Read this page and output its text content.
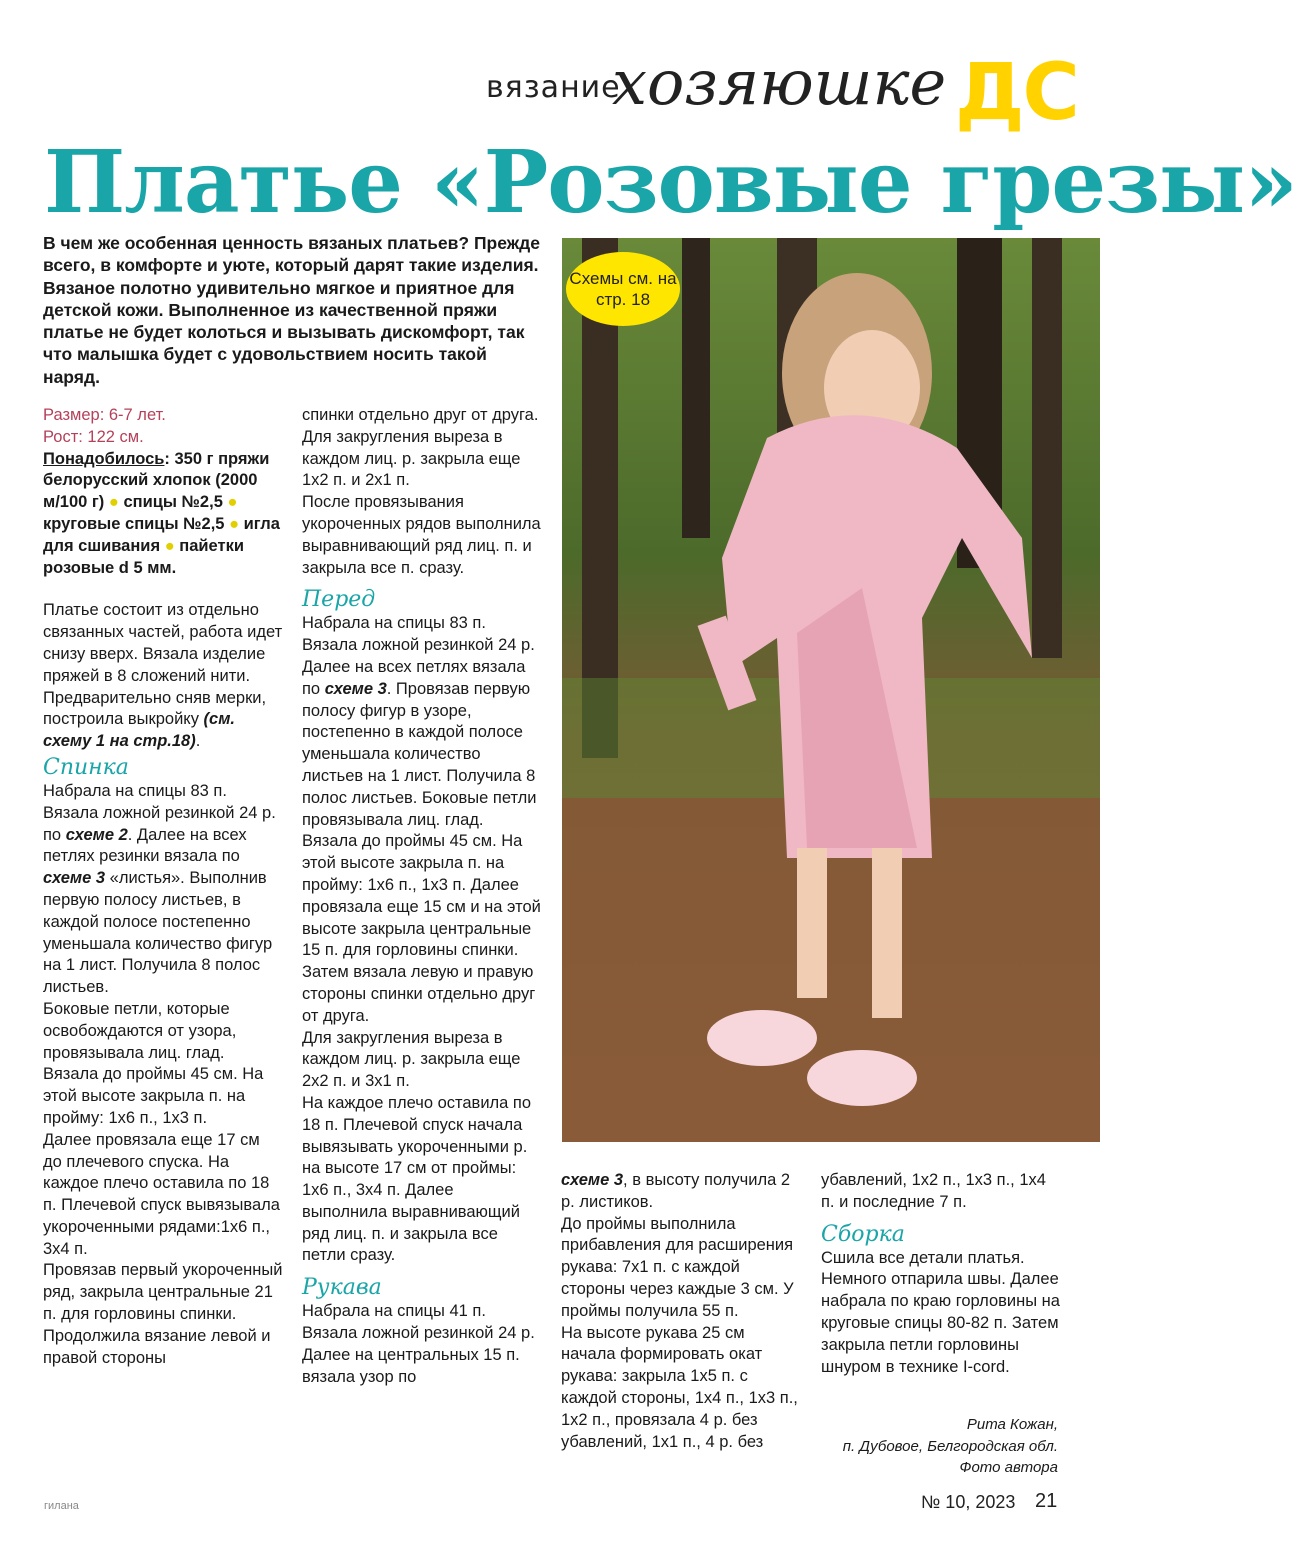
вязание
хозяюшке ДС
Платье «Розовые грезы»
В чем же особенная ценность вязаных платьев? Прежде всего, в комфорте и уюте, который дарят такие изделия. Вязаное полотно удивительно мягкое и приятное для детской кожи. Выполненное из качественной пряжи платье не будет колоться и вызывать дискомфорт, так что малышка будет с удовольствием носить такой наряд.
Схемы см. на стр. 18

Размер: 6-7 лет.

Рост: 122 см.

Понадобилось: 350 г пряжи белорусский хлопок (2000 м/100 г) ● спицы №2,5 ● круговые спицы №2,5 ● игла для сшивания ● пайетки розовые d 5 мм.

Платье состоит из отдельно связанных частей, работа идет снизу вверх. Вязала изделие пряжей в 8 сложений нити. Предварительно сняв мерки, построила выкройку (см. схему 1 на стр.18).

Спинка

Набрала на спицы 83 п. Вязала ложной резинкой 24 р. по схеме 2. Далее на всех петлях резинки вязала по схеме 3 «листья». Выполнив первую полосу листьев, в каждой полосе постепенно уменьшала количество фигур на 1 лист. Получила 8 полос листьев.

Боковые петли, которые освобождаются от узора, провязывала лиц. глад. Вязала до проймы 45 см. На этой высоте закрыла п. на пройму: 1х6 п., 1х3 п.

Далее провязала еще 17 см до плечевого спуска. На каждое плечо оставила по 18 п. Плечевой спуск вывязывала укороченными рядами:1х6 п., 3х4 п.

Провязав первый укороченный ряд, закрыла центральные 21 п. для горловины спинки.

Продолжила вязание левой и правой стороны

спинки отдельно друг от друга. Для закругления выреза в каждом лиц. р. закрыла еще 1х2 п. и 2х1 п.

После провязывания укороченных рядов выполнила выравнивающий ряд лиц. п. и закрыла все п. сразу.

Перед

Набрала на спицы 83 п. Вязала ложной резинкой 24 р. Далее на всех петлях вязала по схеме 3. Провязав первую полосу фигур в узоре, постепенно в каждой полосе уменьшала количество листьев на 1 лист. Получила 8 полос листьев. Боковые петли провязывала лиц. глад.

Вязала до проймы 45 см. На этой высоте закрыла п. на пройму: 1х6 п., 1х3 п. Далее провязала еще 15 см и на этой высоте закрыла центральные 15 п. для горловины спинки. Затем вязала левую и правую стороны спинки отдельно друг от друга.

Для закругления выреза в каждом лиц. р. закрыла еще 2х2 п. и 3х1 п.

На каждое плечо оставила по 18 п. Плечевой спуск начала вывязывать укороченными р. на высоте 17 см от проймы: 1х6 п., 3х4 п. Далее выполнила выравнивающий ряд лиц. п. и закрыла все петли сразу.

Рукава

Набрала на спицы 41 п. Вязала ложной резинкой 24 р. Далее на центральных 15 п. вязала узор по

схеме 3, в высоту получила 2 р. листиков.

До проймы выполнила прибавления для расширения рукава: 7х1 п. с каждой стороны через каждые 3 см. У проймы получила 55 п.

На высоте рукава 25 см начала формировать окат рукава: закрыла 1х5 п. с каждой стороны, 1х4 п., 1х3 п., 1х2 п., провязала 4 р. без убавлений, 1х1 п., 4 р. без

убавлений, 1х2 п., 1х3 п., 1х4 п. и последние 7 п.

Сборка

Сшила все детали платья. Немного отпарила швы. Далее набрала по краю горловины на круговые спицы 80-82 п. Затем закрыла петли горловины шнуром в технике I-cord.

Рита Кожан,
п. Дубовое, Белгородская обл.
Фото автора
гилана	№ 10, 2023 21
